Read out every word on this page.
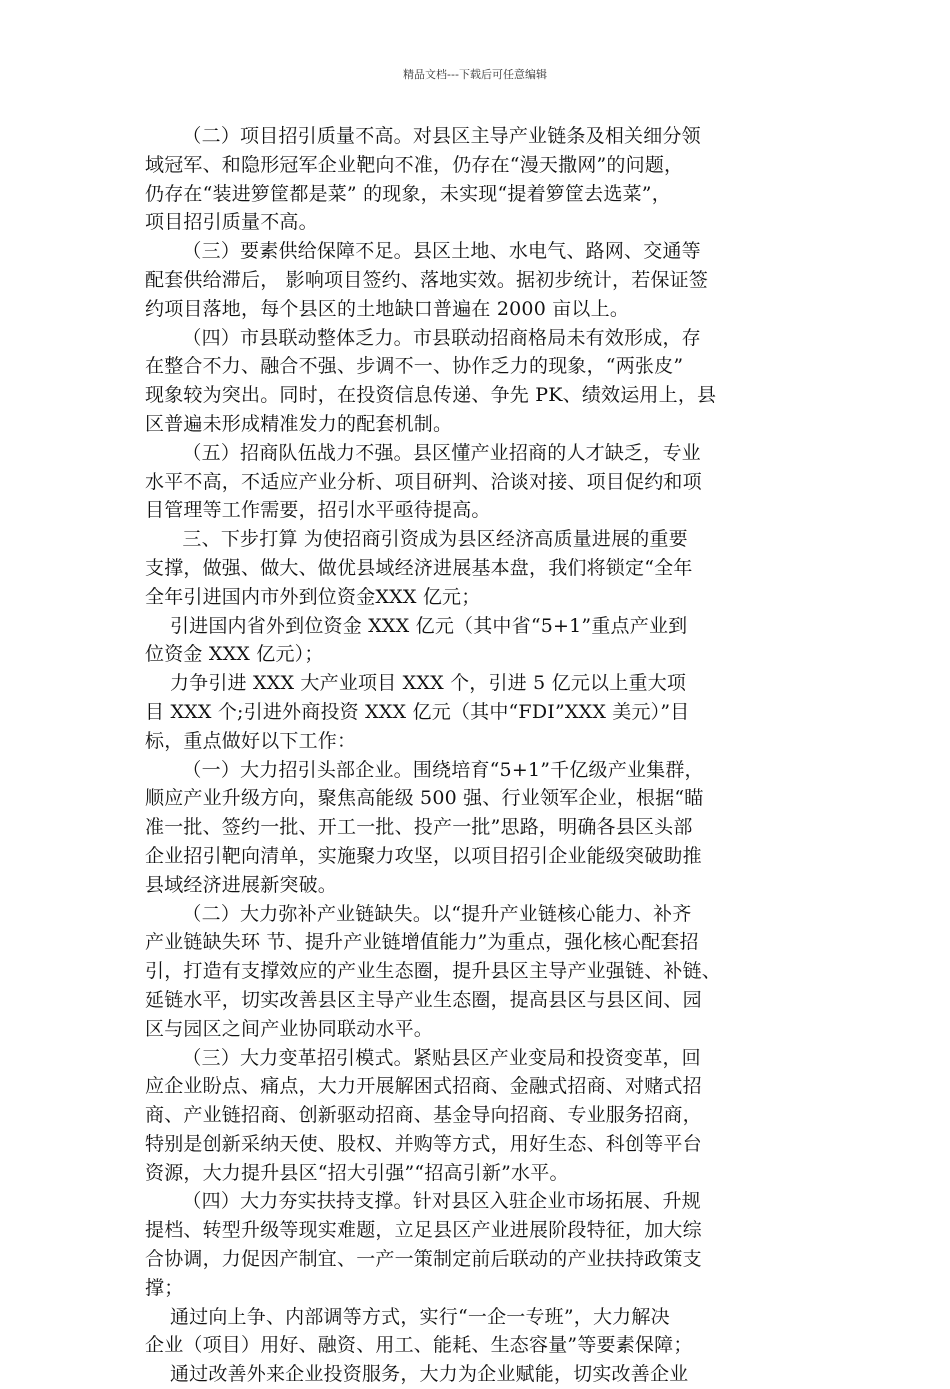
精品文档---下载后可任意编辑
（二）项目招引质量不高。对县区主导产业链条及相关细分领
域冠军、和隐形冠军企业靶向不准，仍存在“漫天撒网”的问题，
仍存在“装进箩筐都是菜” 的现象，未实现“提着箩筐去选菜”，
项目招引质量不高。
（三）要素供给保障不足。县区土地、水电气、路网、交通等
配套供给滞后， 影响项目签约、落地实效。据初步统计，若保证签
约项目落地，每个县区的土地缺口普遍在 2000 亩以上。
（四）市县联动整体乏力。市县联动招商格局未有效形成，存
在整合不力、融合不强、步调不一、协作乏力的现象，“两张皮”
现象较为突出。同时，在投资信息传递、争先 PK、绩效运用上，县
区普遍未形成精准发力的配套机制。
（五）招商队伍战力不强。县区懂产业招商的人才缺乏，专业
水平不高，不适应产业分析、项目研判、洽谈对接、项目促约和项
目管理等工作需要，招引水平亟待提高。
三、下步打算 为使招商引资成为县区经济高质量进展的重要
支撑，做强、做大、做优县域经济进展基本盘，我们将锁定“全年
全年引进国内市外到位资金XXX 亿元；
引进国内省外到位资金 XXX 亿元（其中省“5+1”重点产业到
位资金 XXX 亿元）；
力争引进 XXX 大产业项目 XXX 个，引进 5 亿元以上重大项
目 XXX 个;引进外商投资 XXX 亿元（其中“FDI”XXX 美元）”目
标，重点做好以下工作：
（一）大力招引头部企业。围绕培育“5+1”千亿级产业集群，
顺应产业升级方向，聚焦高能级 500 强、行业领军企业，根据“瞄
准一批、签约一批、开工一批、投产一批”思路，明确各县区头部
企业招引靶向清单，实施聚力攻坚，以项目招引企业能级突破助推
县域经济进展新突破。
（二）大力弥补产业链缺失。以“提升产业链核心能力、补齐
产业链缺失环 节、提升产业链增值能力”为重点，强化核心配套招
引，打造有支撑效应的产业生态圈，提升县区主导产业强链、补链、
延链水平，切实改善县区主导产业生态圈，提高县区与县区间、园
区与园区之间产业协同联动水平。
（三）大力变革招引模式。紧贴县区产业变局和投资变革，回
应企业盼点、痛点，大力开展解困式招商、金融式招商、对赌式招
商、产业链招商、创新驱动招商、基金导向招商、专业服务招商，
特别是创新采纳天使、股权、并购等方式，用好生态、科创等平台
资源，大力提升县区“招大引强”“招高引新”水平。
（四）大力夯实扶持支撑。针对县区入驻企业市场拓展、升规
提档、转型升级等现实难题，立足县区产业进展阶段特征，加大综
合协调，力促因产制宜、一产一策制定前后联动的产业扶持政策支
撑；
通过向上争、内部调等方式，实行“一企一专班”，大力解决
企业（项目）用好、融资、用工、能耗、生态容量”等要素保障；
通过改善外来企业投资服务，大力为企业赋能，切实改善企业
